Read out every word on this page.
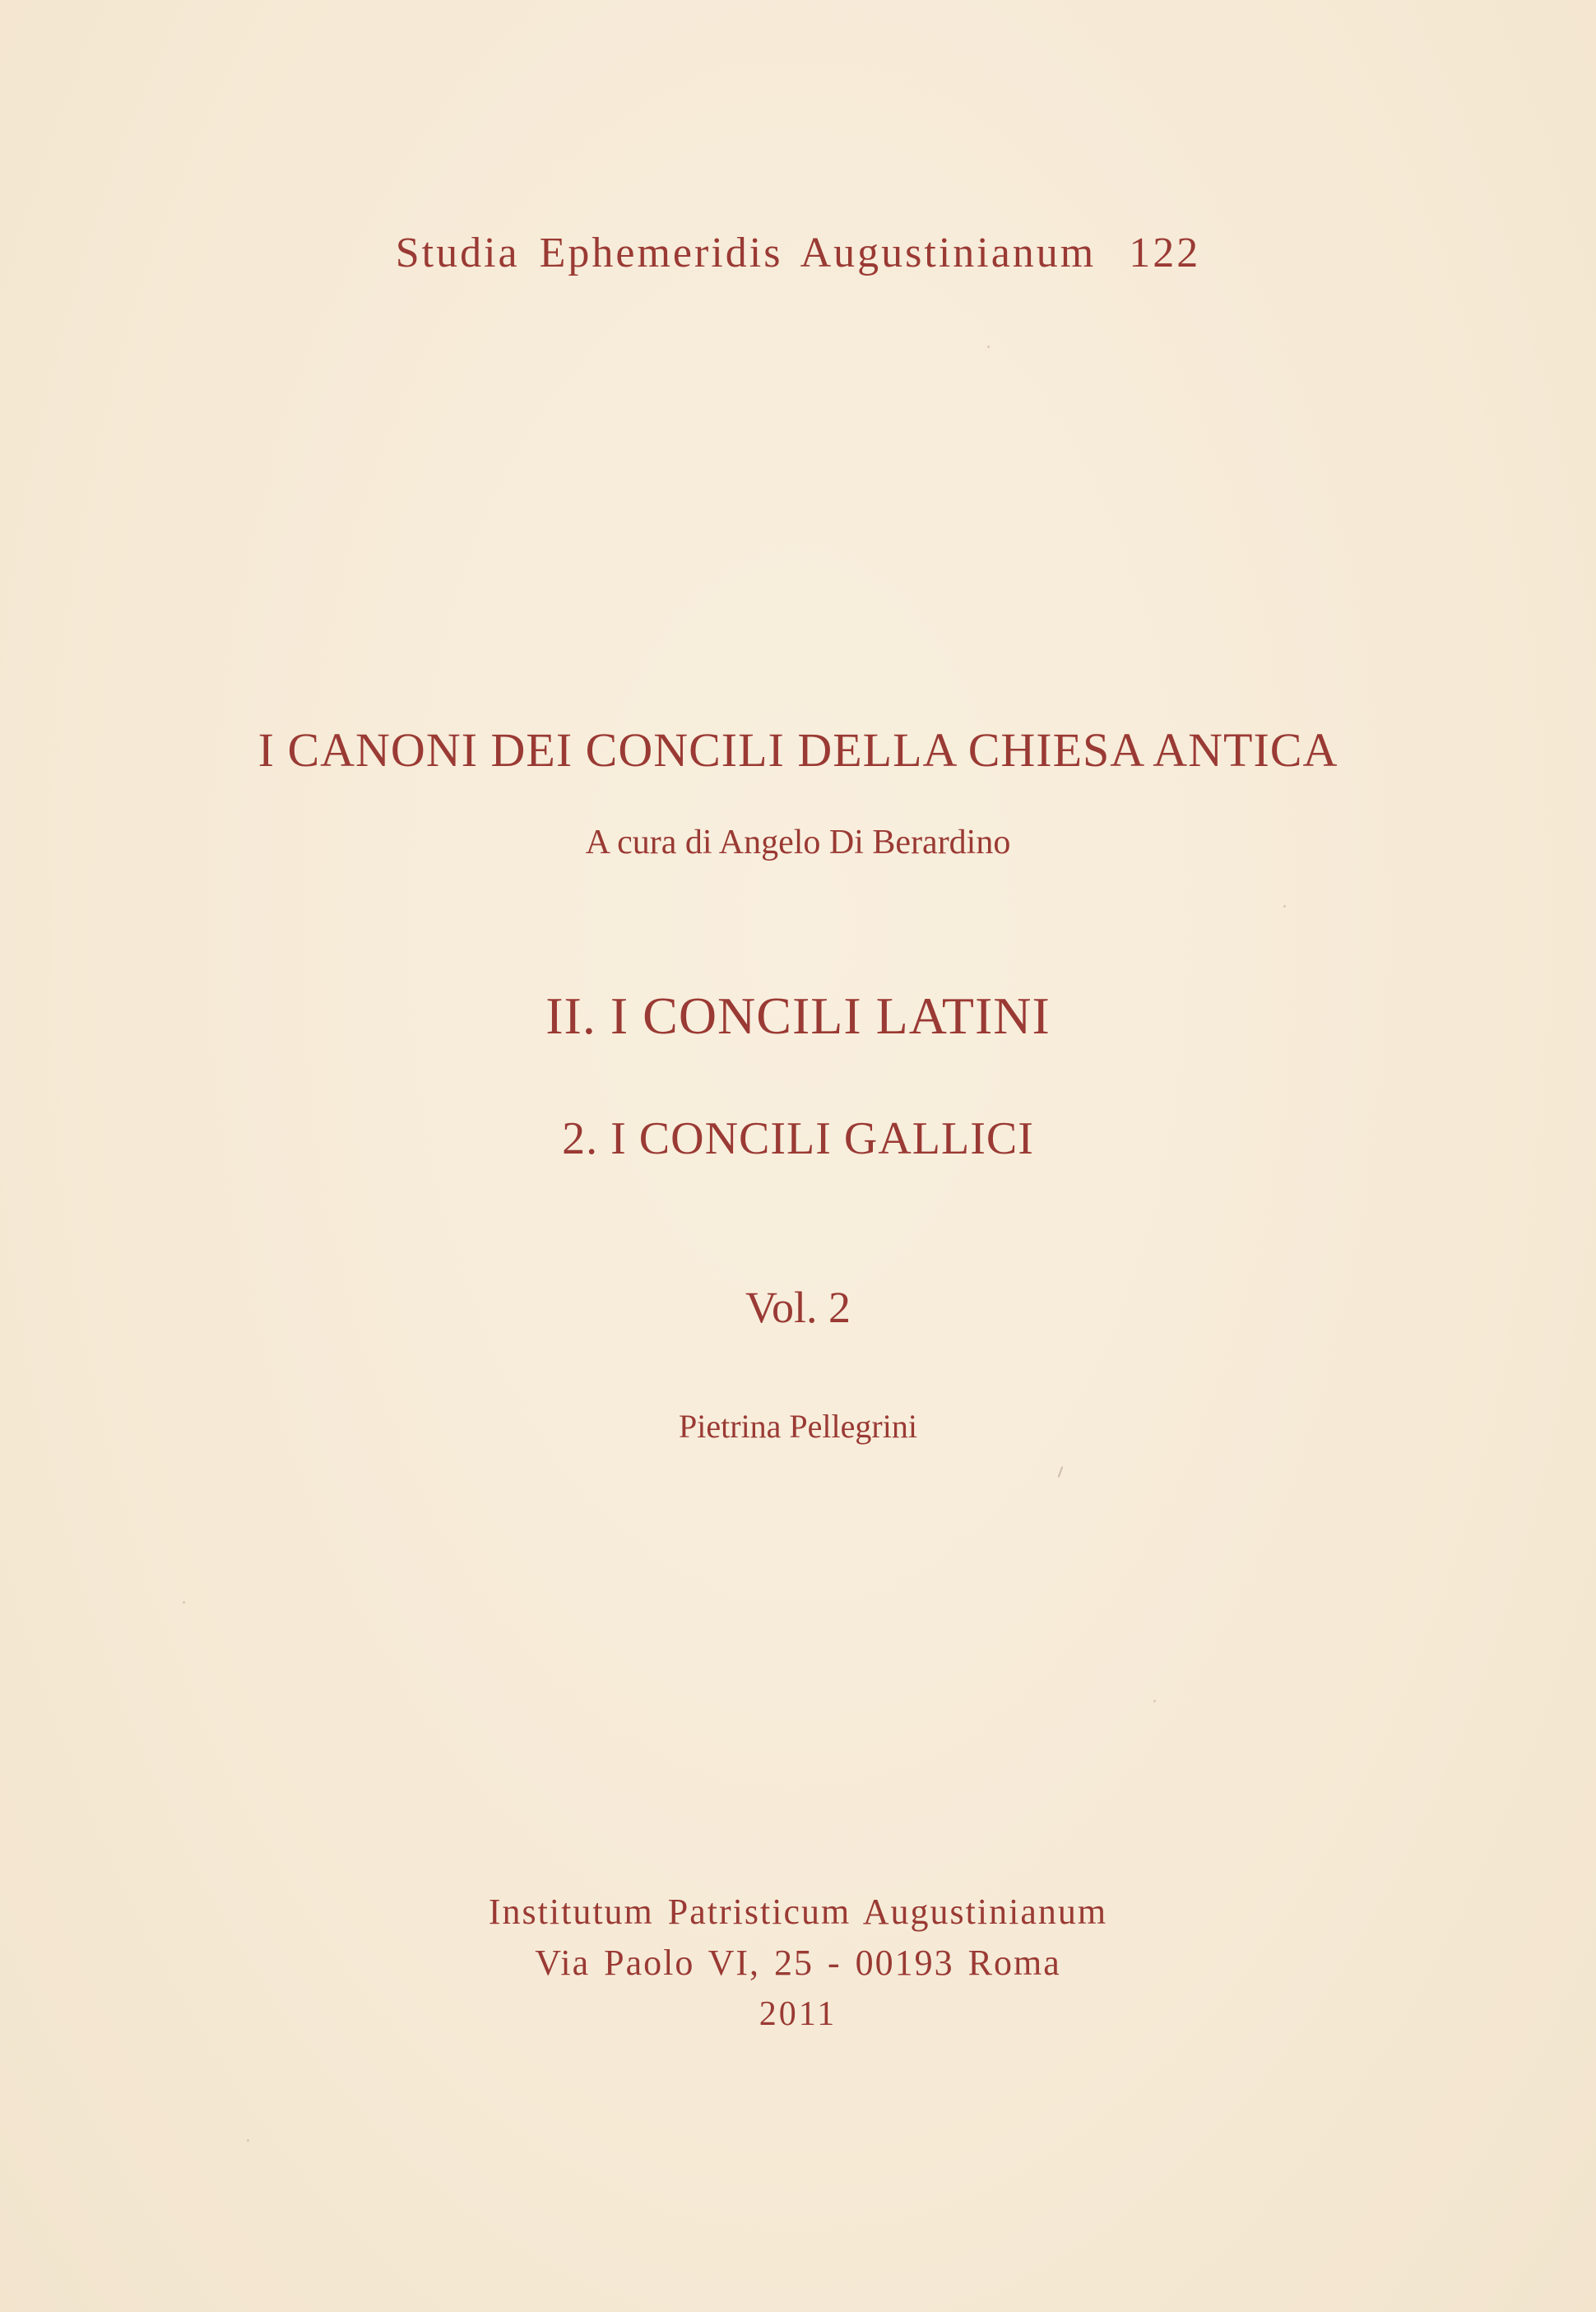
Studia Ephemeridis Augustinianum 122
I CANONI DEI CONCILI DELLA CHIESA ANTICA
A cura di Angelo Di Berardino
II. I CONCILI LATINI
2. I CONCILI GALLICI
Vol. 2
Pietrina Pellegrini
Institutum Patristicum Augustinianum
Via Paolo VI, 25 - 00193 Roma
2011
